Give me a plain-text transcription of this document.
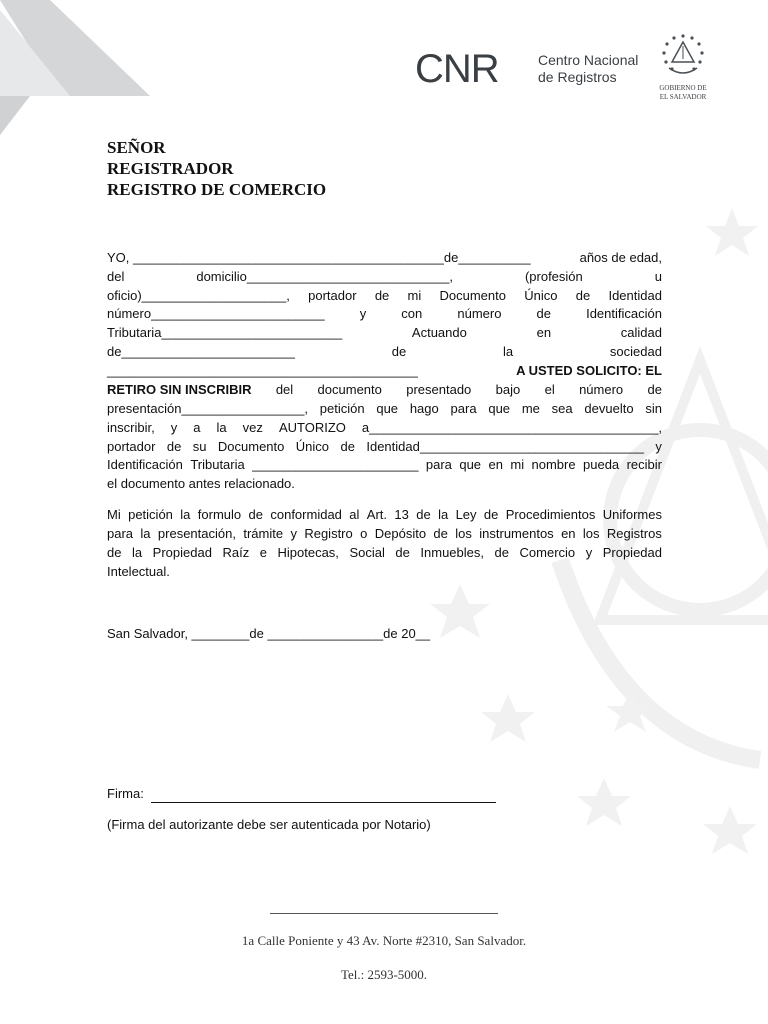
CNR	Centro Nacional
de Registros
GOBIERNO DE
EL SALVADOR
SEÑOR
REGISTRADOR
REGISTRO DE COMERCIO
YO, ___________________________________________de__________	años de edad,
del	domicilio____________________________,	(profesión	u
oficio)____________________, portador de mi Documento Único de Identidad
número________________________	y	con	número	de	Identificación
Tributaria_________________________	Actuando	en	calidad
de________________________	de	la	sociedad
___________________________________________	A USTED SOLICITO: EL
RETIRO SIN INSCRIBIR del documento presentado bajo el número de
presentación_________________, petición que hago para que me sea devuelto sin
inscribir, y a la vez AUTORIZO a________________________________________,
portador de su Documento Único de Identidad_______________________________ y
Identificación Tributaria _______________________ para que en mi nombre pueda recibir
el documento antes relacionado.
Mi petición la formulo de conformidad al Art. 13 de la Ley de Procedimientos Uniformes
para la presentación, trámite y Registro o Depósito de los instrumentos en los Registros
de la Propiedad Raíz e Hipotecas, Social de Inmuebles, de Comercio y Propiedad
Intelectual.
San Salvador, ________de ________________de 20__
Firma:
(Firma del autorizante debe ser autenticada por Notario)
1a Calle Poniente y 43 Av. Norte #2310, San Salvador.
Tel.: 2593-5000.
